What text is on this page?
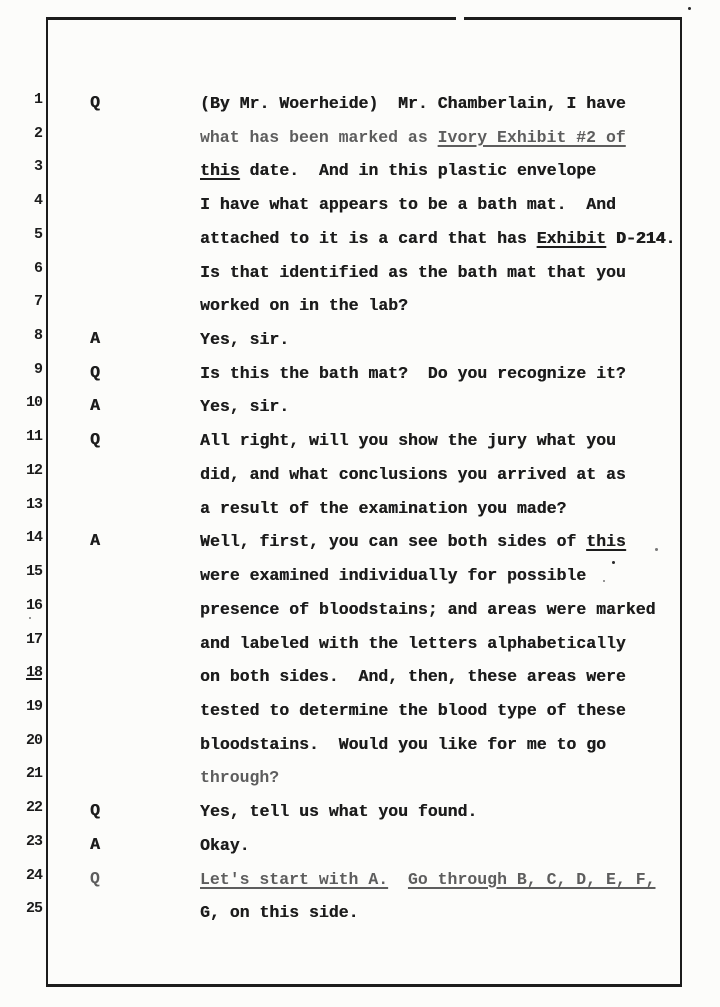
1	Q	(By Mr. Woerheide)  Mr. Chamberlain, I have
2	what has been marked as Ivory Exhibit #2 of
3	this date.  And in this plastic envelope
4	I have what appears to be a bath mat.  And
5	attached to it is a card that has Exhibit D-214.
6	Is that identified as the bath mat that you
7	worked on in the lab?
8	A	Yes, sir.
9	Q	Is this the bath mat?  Do you recognize it?
10	A	Yes, sir.
11	Q	All right, will you show the jury what you
12	did, and what conclusions you arrived at as
13	a result of the examination you made?
14	A	Well, first, you can see both sides of this
15	were examined individually for possible
16	presence of bloodstains; and areas were marked
17	and labeled with the letters alphabetically
18	on both sides.  And, then, these areas were
19	tested to determine the blood type of these
20	bloodstains.  Would you like for me to go
21	through?
22	Q	Yes, tell us what you found.
23	A	Okay.
24	Q	Let's start with A. Go through B, C, D, E, F,
25	G, on this side.
